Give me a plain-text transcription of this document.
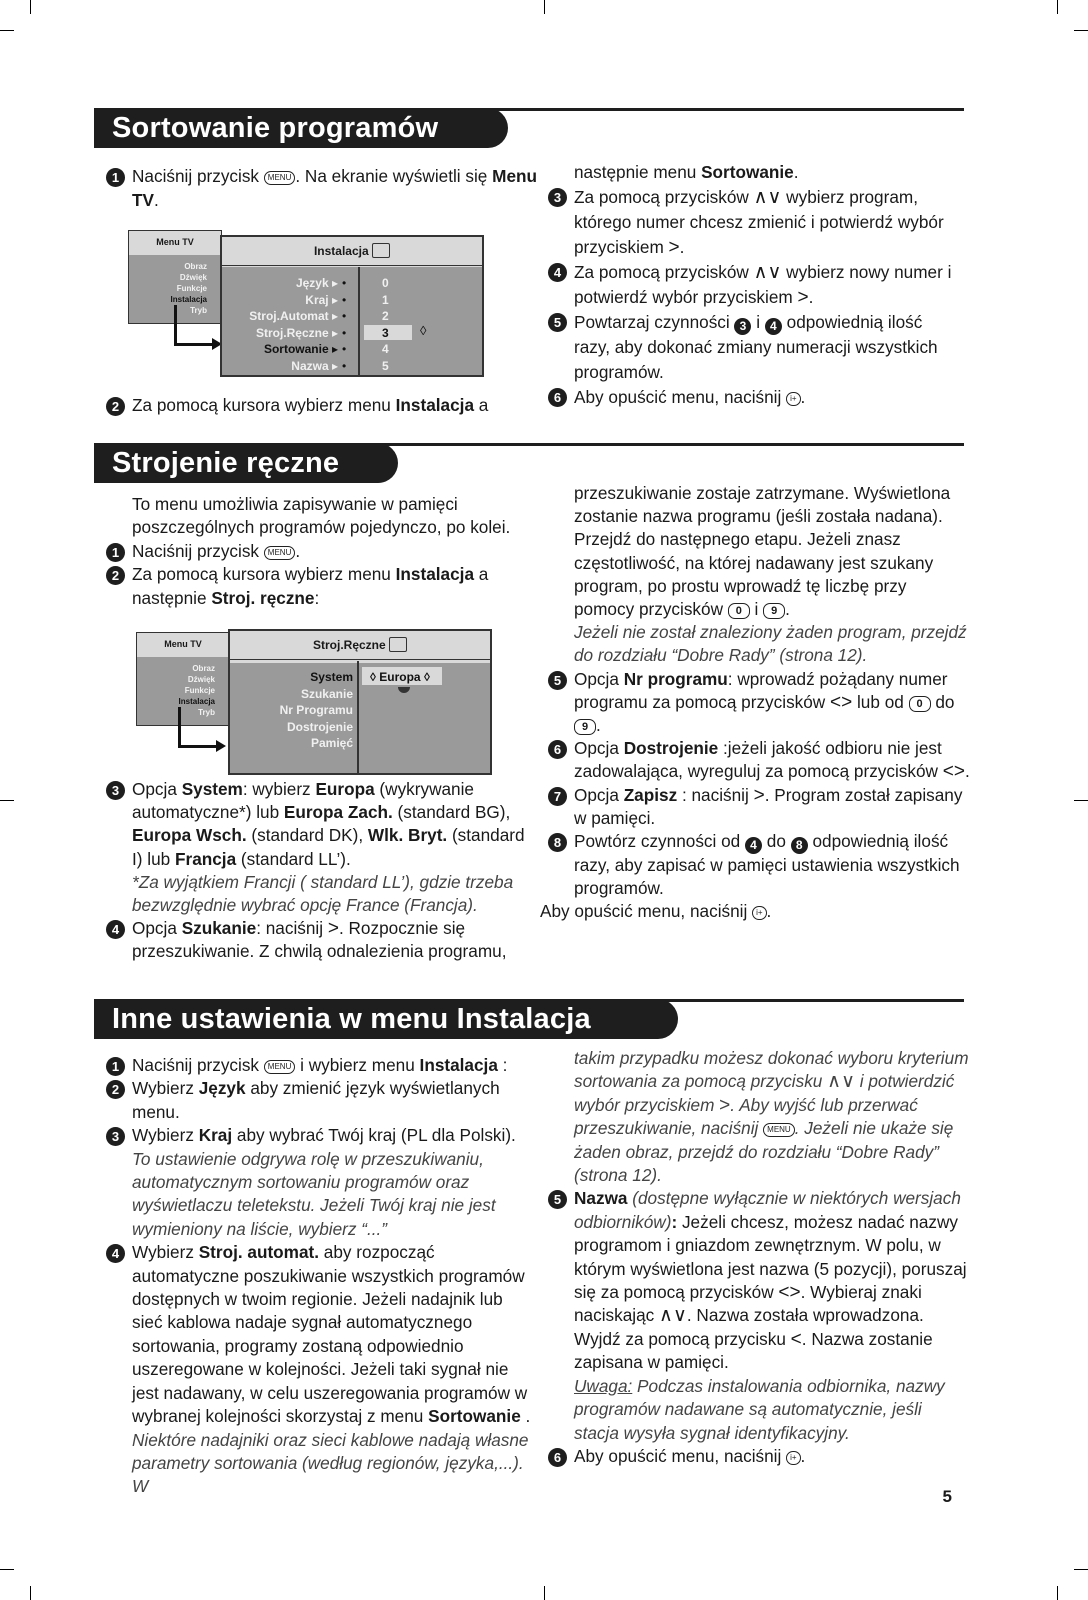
Sortowanie programów

1 Naciśnij przycisk MENU . Na ekranie wyświetli się Menu TV.

Menu TV
Obraz
Dźwięk
Funkcje
Instalacja
Tryb
Instalacja
Język ▸
Kraj ▸
Stroj.Automat ▸
Stroj.Ręczne ▸
Sortowanie ▸
Nazwa ▸
•
•
•
•
•
•
0
1
2
3
4
5
◊

2 Za pomocą kursora wybierz menu Instalacja a

następnie menu Sortowanie.

3 Za pomocą przycisków ∧∨ wybierz program, którego numer chcesz zmienić i potwierdź wybór przyciskiem >.

4 Za pomocą przycisków ∧∨ wybierz nowy numer i potwierdź wybór przyciskiem >.

5 Powtarzaj czynności 3 i 4 odpowiednią ilość razy, aby dokonać zmiany numeracji wszystkich programów.

6 Aby opuścić menu, naciśnij i+ .

Strojenie ręczne

To menu umożliwia zapisywanie w pamięci poszczególnych programów pojedynczo, po kolei.

1 Naciśnij przycisk MENU .

2 Za pomocą kursora wybierz menu Instalacja a następnie Stroj. ręczne:

Menu TV
Obraz
Dźwięk
Funkcje
Instalacja
Tryb
Stroj.Ręczne
System
Szukanie
Nr Programu
Dostrojenie
Pamięć
◊ Europa ◊

3 Opcja System: wybierz Europa (wykrywanie automatyczne*) lub Europa Zach. (standard BG), Europa Wsch. (standard DK), Wlk. Bryt. (standard I) lub Francja (standard LL’).

*Za wyjątkiem Francji ( standard LL’), gdzie trzeba bezwzględnie wybrać opcję France (Francja).

4 Opcja Szukanie: naciśnij >. Rozpocznie się przeszukiwanie. Z chwilą odnalezienia programu,

przeszukiwanie zostaje zatrzymane. Wyświetlona zostanie nazwa programu (jeśli została nadana). Przejdź do następnego etapu. Jeżeli znasz częstotliwość, na której nadawany jest szukany program, po prostu wprowadź tę liczbę przy pomocy przycisków 0 i 9 .

Jeżeli nie został znaleziony żaden program, przejdź do rozdziału “Dobre Rady” (strona 12).

5 Opcja Nr programu: wprowadź pożądany numer programu za pomocą przycisków <> lub od 0 do 9 .

6 Opcja Dostrojenie :jeżeli jakość odbioru nie jest zadowalająca, wyreguluj za pomocą przycisków <>.

7 Opcja Zapisz : naciśnij >. Program został zapisany w pamięci.

8 Powtórz czynności od 4 do 8 odpowiednią ilość razy, aby zapisać w pamięci ustawienia wszystkich programów.

Aby opuścić menu, naciśnij i+ .

Inne ustawienia w menu Instalacja

1 Naciśnij przycisk MENU i wybierz menu Instalacja :

2 Wybierz Język aby zmienić język wyświetlanych menu.

3 Wybierz Kraj aby wybrać Twój kraj (PL dla Polski).

To ustawienie odgrywa rolę w przeszukiwaniu, automatycznym sortowaniu programów oraz wyświetlaczu teletekstu. Jeżeli Twój kraj nie jest wymieniony na liście, wybierz “...”

4 Wybierz Stroj. automat. aby rozpocząć automatyczne poszukiwanie wszystkich programów dostępnych w twoim regionie. Jeżeli nadajnik lub sieć kablowa nadaje sygnał automatycznego sortowania, programy zostaną odpowiednio uszeregowane w kolejności. Jeżeli taki sygnał nie jest nadawany, w celu uszeregowania programów w wybranej kolejności skorzystaj z menu Sortowanie .

Niektóre nadajniki oraz sieci kablowe nadają własne parametry sortowania (według regionów, języka,...). W

takim przypadku możesz dokonać wyboru kryterium sortowania za pomocą przycisku ∧∨ i potwierdzić wybór przyciskiem >. Aby wyjść lub przerwać przeszukiwanie, naciśnij MENU . Jeżeli nie ukaże się żaden obraz, przejdź do rozdziału “Dobre Rady” (strona 12).

5 Nazwa (dostępne wyłącznie w niektórych wersjach odbiorników): Jeżeli chcesz, możesz nadać nazwy programom i gniazdom zewnętrznym. W polu, w którym wyświetlona jest nazwa (5 pozycji), poruszaj się za pomocą przycisków <>. Wybieraj znaki naciskając ∧∨. Nazwa została wprowadzona. Wyjdź za pomocą przycisku <. Nazwa zostanie zapisana w pamięci.

Uwaga: Podczas instalowania odbiornika, nazwy programów nadawane są automatycznie, jeśli stacja wysyła sygnał identyfikacyjny.

6 Aby opuścić menu, naciśnij i+ .

5
